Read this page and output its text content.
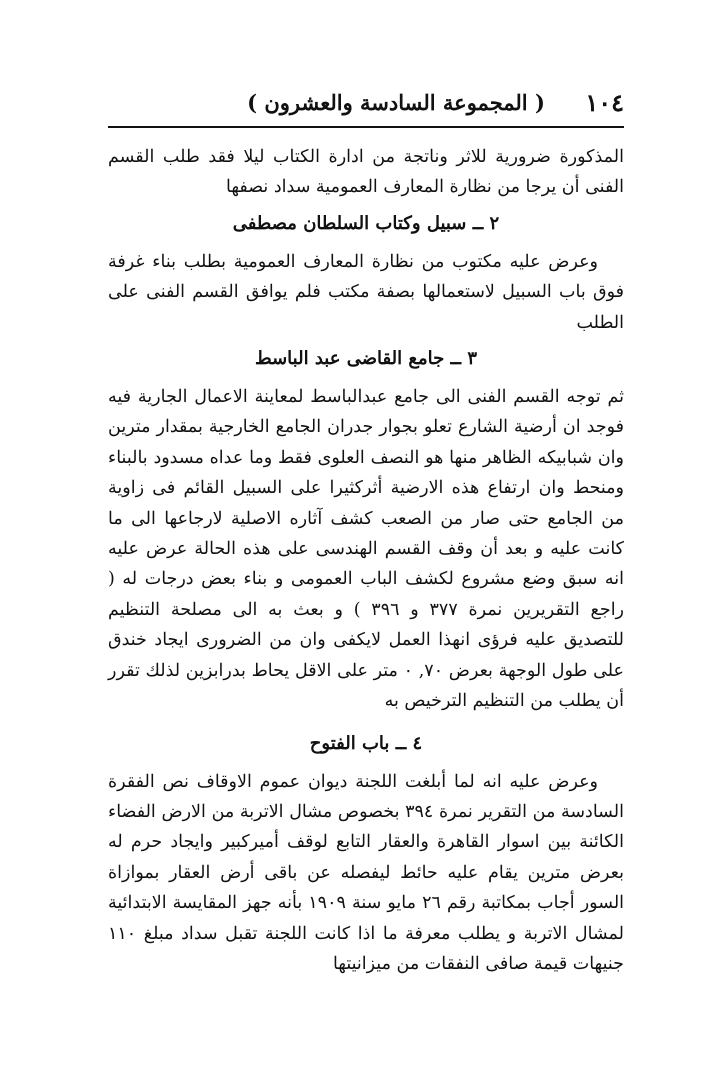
١٠٤
( المجموعة السادسة والعشرون )

المذكورة ضرورية للاثر وناتجة من ادارة الكتاب ليلا فقد طلب القسم الفنى أن يرجا من نظارة المعارف العمومية سداد نصفها

٢ ــ سبيل وكتاب السلطان مصطفى

وعرض عليه مكتوب من نظارة المعارف العمومية بطلب بناء غرفة فوق باب السبيل لاستعمالها بصفة مكتب فلم يوافق القسم الفنى على الطلب

٣ ــ جامع القاضى عبد الباسط

ثم توجه القسم الفنى الى جامع عبدالباسط لمعاينة الاعمال الجارية فيه فوجد ان أرضية الشارع تعلو بجوار جدران الجامع الخارجية بمقدار مترين وان شبابيكه الظاهر منها هو النصف العلوى فقط وما عداه مسدود بالبناء ومنحط وان ارتفاع هذه الارضية أثركثيرا على السبيل القائم فى زاوية من الجامع حتى صار من الصعب كشف آثاره الاصلية لارجاعها الى ما كانت عليه و بعد أن وقف القسم الهندسى على هذه الحالة عرض عليه انه سبق وضع مشروع لكشف الباب العمومى و بناء بعض درجات له ( راجع التقريرين نمرة ٣٧٧ و ٣٩٦ ) و بعث به الى مصلحة التنظيم للتصديق عليه فرؤى انهذا العمل لايكفى وان من الضرورى ايجاد خندق على طول الوجهة بعرض ٧٠, ٠ متر على الاقل يحاط بدرابزين لذلك تقرر أن يطلب من التنظيم الترخيص به

٤ ــ باب الفتوح

وعرض عليه انه لما أبلغت اللجنة ديوان عموم الاوقاف نص الفقرة السادسة من التقرير نمرة ٣٩٤ بخصوص مشال الاتربة من الارض الفضاء الكائنة بين اسوار القاهرة والعقار التابع لوقف أميركبير وايجاد حرم له بعرض مترين يقام عليه حائط ليفصله عن باقى أرض العقار بموازاة السور أجاب بمكاتبة رقم ٢٦ مايو سنة ١٩٠٩ بأنه جهز المقايسة الابتدائية لمشال الاتربة و يطلب معرفة ما اذا كانت اللجنة تقبل سداد مبلغ ١١٠ جنيهات قيمة صافى النفقات من ميزانيتها
